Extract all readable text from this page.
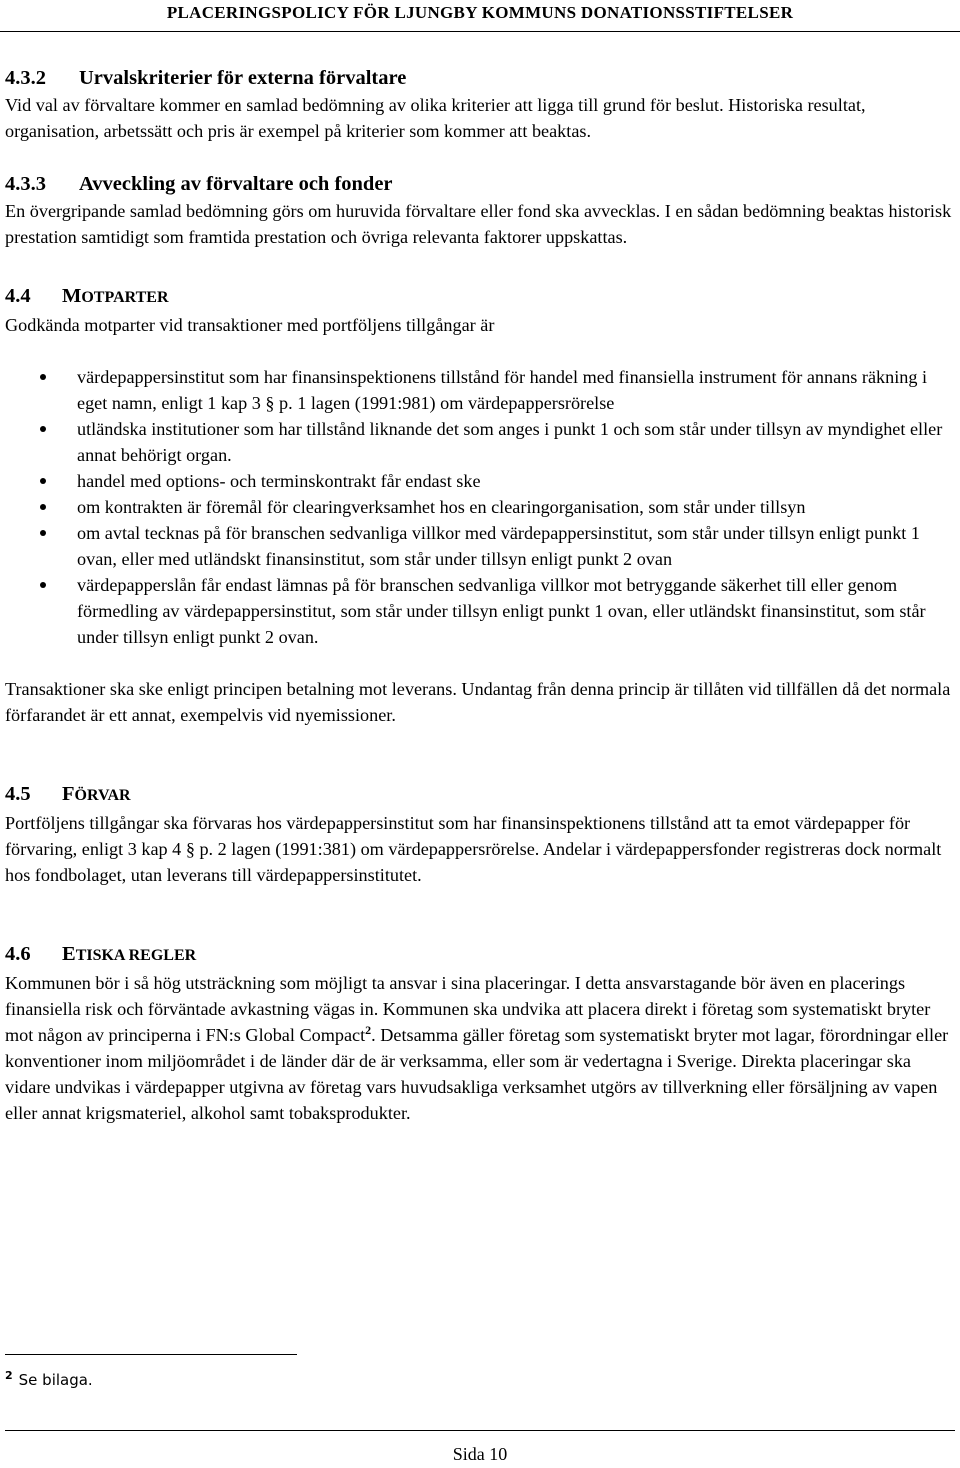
PLACERINGSPOLICY FÖR LJUNGBY KOMMUNS DONATIONSSTIFTELSER
4.3.2 Urvalskriterier för externa förvaltare

Vid val av förvaltare kommer en samlad bedömning av olika kriterier att ligga till grund för beslut. Historiska resultat, organisation, arbetssätt och pris är exempel på kriterier som kommer att beaktas.

4.3.3 Avveckling av förvaltare och fonder

En övergripande samlad bedömning görs om huruvida förvaltare eller fond ska avvecklas. I en sådan bedömning beaktas historisk prestation samtidigt som framtida prestation och övriga relevanta faktorer uppskattas.

4.4 MOTPARTER

Godkända motparter vid transaktioner med portföljens tillgångar är

värdepappersinstitut som har finansinspektionens tillstånd för handel med finansiella instrument för annans räkning i eget namn, enligt 1 kap 3 § p. 1 lagen (1991:981) om värdepappersrörelse
utländska institutioner som har tillstånd liknande det som anges i punkt 1 och som står under tillsyn av myndighet eller annat behörigt organ.
handel med options- och terminskontrakt får endast ske
om kontrakten är föremål för clearingverksamhet hos en clearingorganisation, som står under tillsyn
om avtal tecknas på för branschen sedvanliga villkor med värdepappersinstitut, som står under tillsyn enligt punkt 1 ovan, eller med utländskt finansinstitut, som står under tillsyn enligt punkt 2 ovan
värdepapperslån får endast lämnas på för branschen sedvanliga villkor mot betryggande säkerhet till eller genom förmedling av värdepappersinstitut, som står under tillsyn enligt punkt 1 ovan, eller utländskt finansinstitut, som står under tillsyn enligt punkt 2 ovan.

Transaktioner ska ske enligt principen betalning mot leverans. Undantag från denna princip är tillåten vid tillfällen då det normala förfarandet är ett annat, exempelvis vid nyemissioner.

4.5 FÖRVAR

Portföljens tillgångar ska förvaras hos värdepappersinstitut som har finansinspektionens tillstånd att ta emot värdepapper för förvaring, enligt 3 kap 4 § p. 2 lagen (1991:381) om värdepappersrörelse. Andelar i värdepappersfonder registreras dock normalt hos fondbolaget, utan leverans till värdepappersinstitutet.

4.6 ETISKA REGLER

Kommunen bör i så hög utsträckning som möjligt ta ansvar i sina placeringar. I detta ansvarstagande bör även en placerings finansiella risk och förväntade avkastning vägas in. Kommunen ska undvika att placera direkt i företag som systematiskt bryter mot någon av principerna i FN:s Global Compact$^2$. Detsamma gäller företag som systematiskt bryter mot lagar, förordningar eller konventioner inom miljöområdet i de länder där de är verksamma, eller som är vedertagna i Sverige. Direkta placeringar ska vidare undvikas i värdepapper utgivna av företag vars huvudsakliga verksamhet utgörs av tillverkning eller försäljning av vapen eller annat krigsmateriel, alkohol samt tobaksprodukter.

$^2$ Se bilaga.
Sida 10
